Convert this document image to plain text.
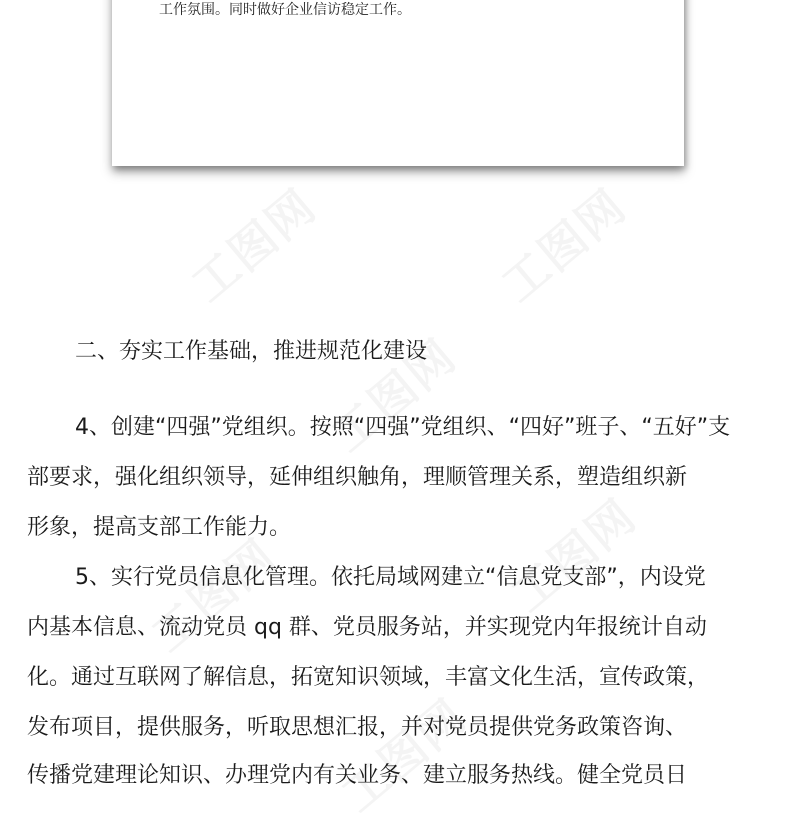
工作氛围。同时做好企业信访稳定工作。
二、夯实工作基础，推进规范化建设
4、创建“四强”党组织。按照“四强”党组织、“四好”班子、“五好”支
部要求，强化组织领导，延伸组织触角，理顺管理关系，塑造组织新
形象，提高支部工作能力。
5、实行党员信息化管理。依托局域网建立“信息党支部”，内设党
内基本信息、流动党员 qq 群、党员服务站，并实现党内年报统计自动
化。通过互联网了解信息，拓宽知识领域，丰富文化生活，宣传政策，
发布项目，提供服务，听取思想汇报，并对党员提供党务政策咨询、
传播党建理论知识、办理党内有关业务、建立服务热线。健全党员日
